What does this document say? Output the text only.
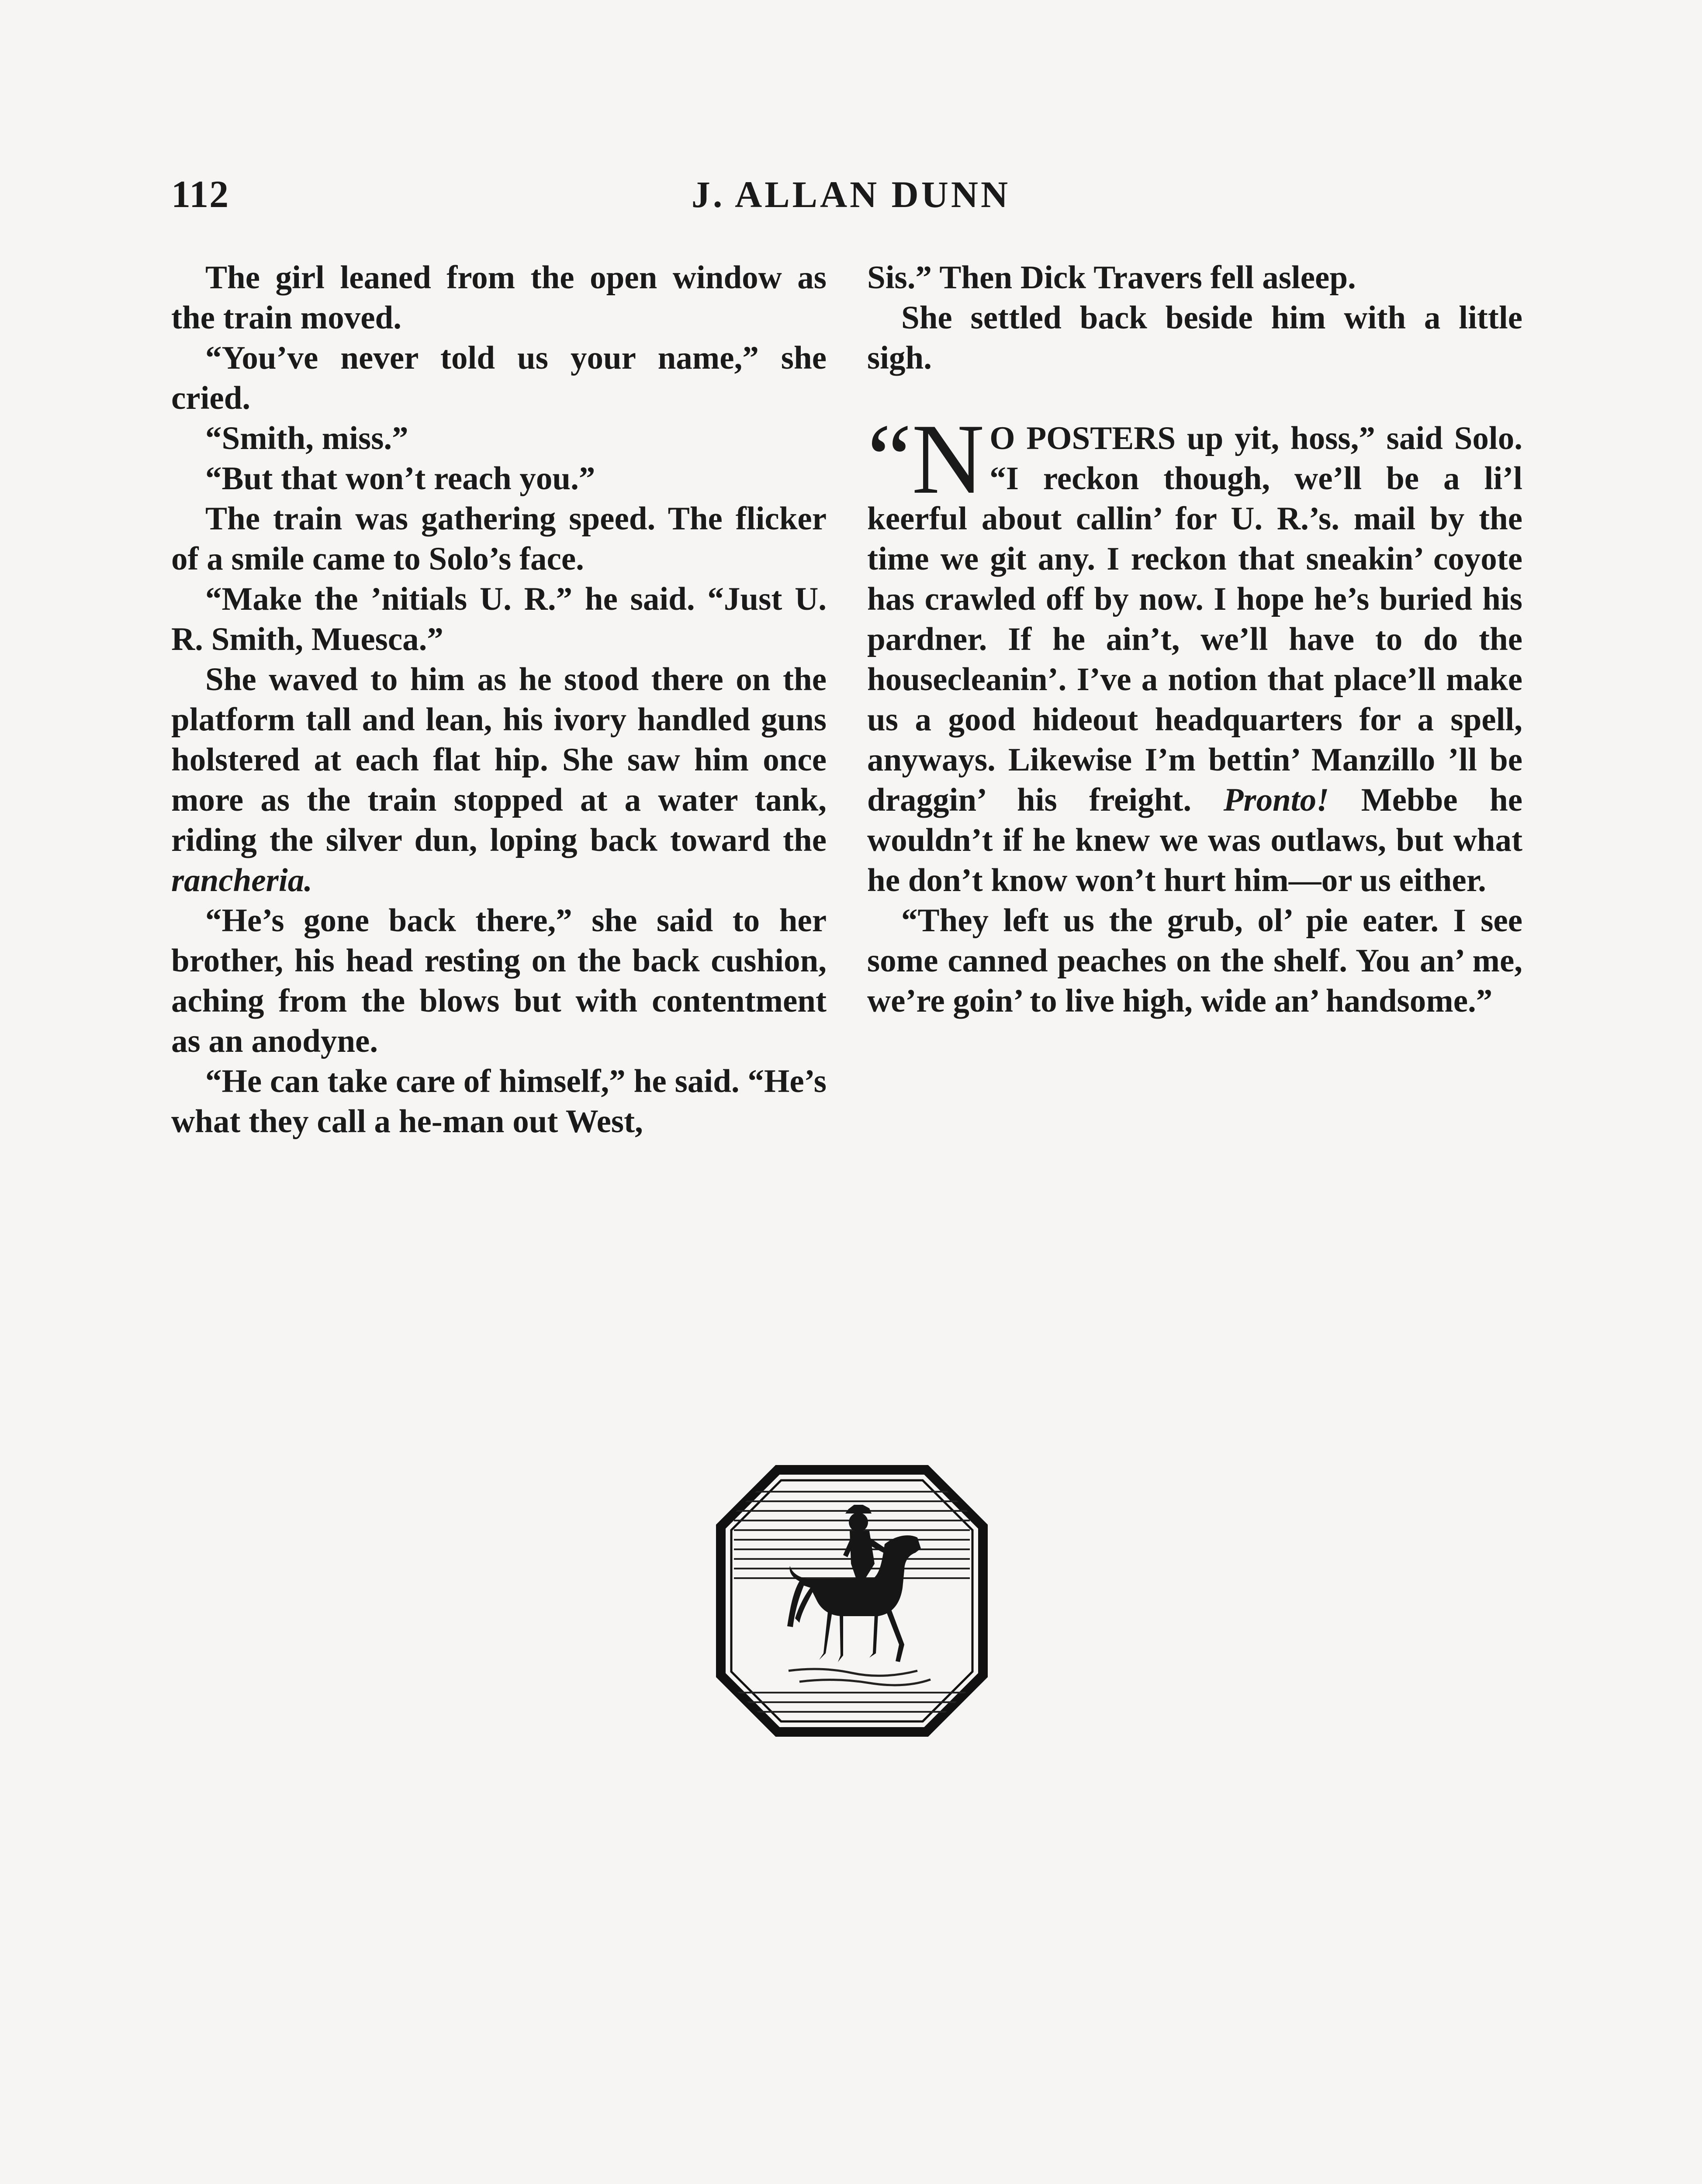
112	J. ALLAN DUNN

The girl leaned from the open window as the train moved.

“You’ve never told us your name,” she cried.

“Smith, miss.”

“But that won’t reach you.”

The train was gathering speed. The flicker of a smile came to Solo’s face.

“Make the ’nitials U. R.” he said. “Just U. R. Smith, Muesca.”

She waved to him as he stood there on the platform tall and lean, his ivory handled guns holstered at each flat hip. She saw him once more as the train stopped at a water tank, riding the silver dun, loping back toward the rancheria.

“He’s gone back there,” she said to her brother, his head resting on the back cushion, aching from the blows but with contentment as an anodyne.

“He can take care of himself,” he said. “He’s what they call a he-man out West,

Sis.” Then Dick Travers fell asleep.

She settled back beside him with a little sigh.

“N O POSTERS up yit, hoss,” said Solo. “I reckon though, we’ll be a li’l keerful about callin’ for U. R.’s. mail by the time we git any. I reckon that sneakin’ coyote has crawled off by now. I hope he’s buried his pardner. If he ain’t, we’ll have to do the housecleanin’. I’ve a notion that place’ll make us a good hideout headquarters for a spell, anyways. Likewise I’m bettin’ Manzillo ’ll be draggin’ his freight. Pronto! Mebbe he wouldn’t if he knew we was outlaws, but what he don’t know won’t hurt him—or us either.

“They left us the grub, ol’ pie eater. I see some canned peaches on the shelf. You an’ me, we’re goin’ to live high, wide an’ handsome.”
